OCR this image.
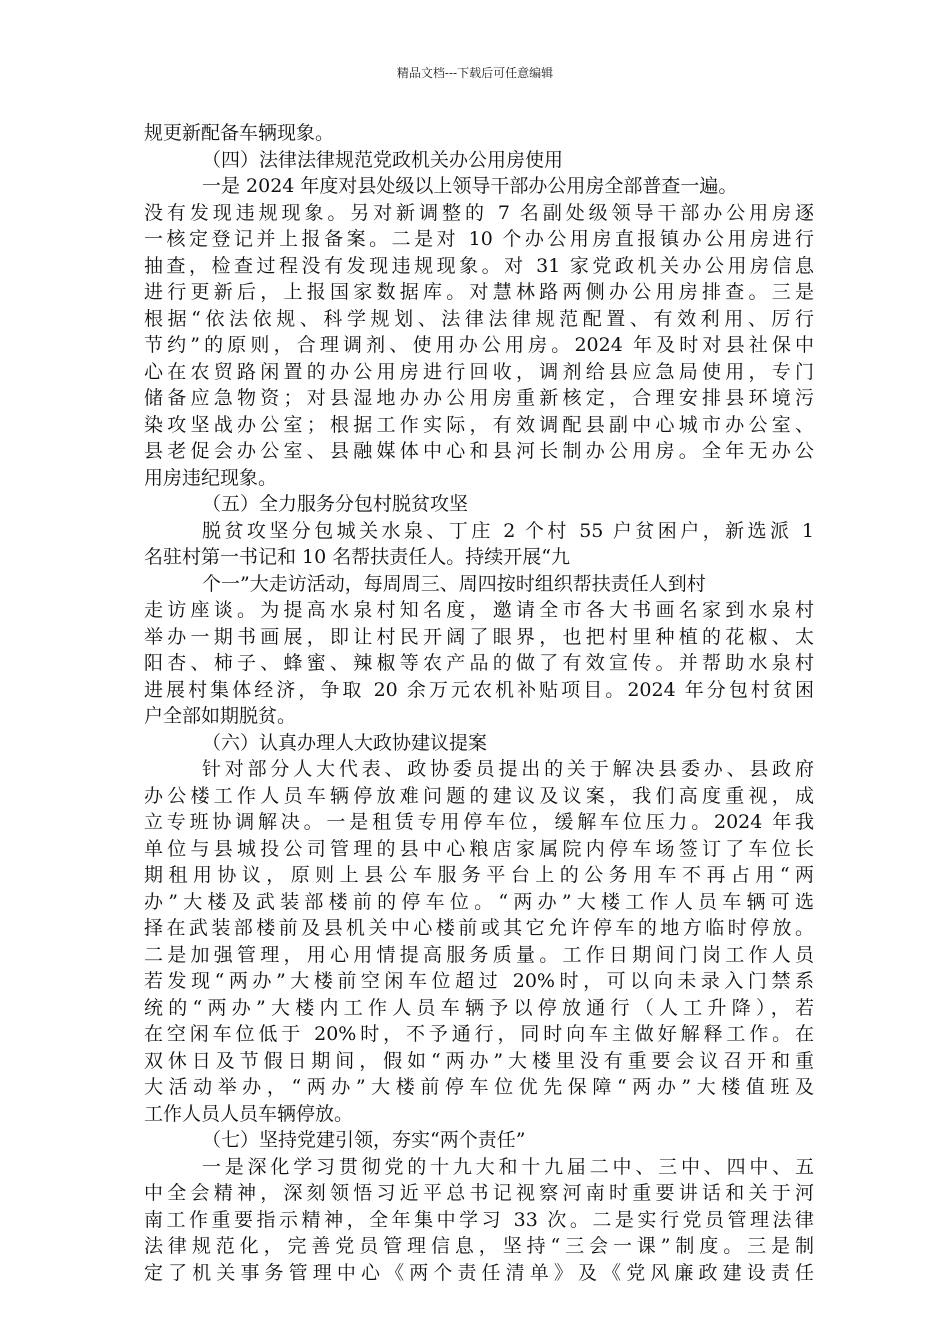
精品文档---下载后可任意编辑
规更新配备车辆现象。
（四）法律法律规范党政机关办公用房使用
一是 2024 年度对县处级以上领导干部办公用房全部普查一遍。
没有发现违规现象。另对新调整的 7 名副处级领导干部办公用房逐
一核定登记并上报备案。二是对 10 个办公用房直报镇办公用房进行
抽查，检查过程没有发现违规现象。对 31 家党政机关办公用房信息
进行更新后，上报国家数据库。对慧林路两侧办公用房排查。三是
根据“依法依规、科学规划、法律法律规范配置、有效利用、厉行
节约”的原则，合理调剂、使用办公用房。2024 年及时对县社保中
心在农贸路闲置的办公用房进行回收，调剂给县应急局使用，专门
储备应急物资；对县湿地办办公用房重新核定，合理安排县环境污
染攻坚战办公室；根据工作实际，有效调配县副中心城市办公室、
县老促会办公室、县融媒体中心和县河长制办公用房。全年无办公
用房违纪现象。
（五）全力服务分包村脱贫攻坚
脱贫攻坚分包城关水泉、丁庄 2 个村 55 户贫困户，新选派 1
名驻村第一书记和 10 名帮扶责任人。持续开展“九
个一”大走访活动，每周周三、周四按时组织帮扶责任人到村
走访座谈。为提高水泉村知名度，邀请全市各大书画名家到水泉村
举办一期书画展，即让村民开阔了眼界，也把村里种植的花椒、太
阳杏、柿子、蜂蜜、辣椒等农产品的做了有效宣传。并帮助水泉村
进展村集体经济，争取 20 余万元农机补贴项目。2024 年分包村贫困
户全部如期脱贫。
（六）认真办理人大政协建议提案
针对部分人大代表、政协委员提出的关于解决县委办、县政府
办公楼工作人员车辆停放难问题的建议及议案，我们高度重视，成
立专班协调解决。一是租赁专用停车位，缓解车位压力。2024 年我
单位与县城投公司管理的县中心粮店家属院内停车场签订了车位长
期租用协议，原则上县公车服务平台上的公务用车不再占用“两
办”大楼及武装部楼前的停车位。“两办”大楼工作人员车辆可选
择在武装部楼前及县机关中心楼前或其它允许停车的地方临时停放。
二是加强管理，用心用情提高服务质量。工作日期间门岗工作人员
若发现“两办”大楼前空闲车位超过 20%时，可以向未录入门禁系
统的“两办”大楼内工作人员车辆予以停放通行（人工升降），若
在空闲车位低于 20%时，不予通行，同时向车主做好解释工作。在
双休日及节假日期间，假如“两办”大楼里没有重要会议召开和重
大活动举办，“两办”大楼前停车位优先保障“两办”大楼值班及
工作人员人员车辆停放。
（七）坚持党建引领，夯实“两个责任”
一是深化学习贯彻党的十九大和十九届二中、三中、四中、五
中全会精神，深刻领悟习近平总书记视察河南时重要讲话和关于河
南工作重要指示精神，全年集中学习 33 次。二是实行党员管理法律
法律规范化，完善党员管理信息，坚持“三会一课”制度。三是制
定了机关事务管理中心《两个责任清单》及《党风廉政建设责任
